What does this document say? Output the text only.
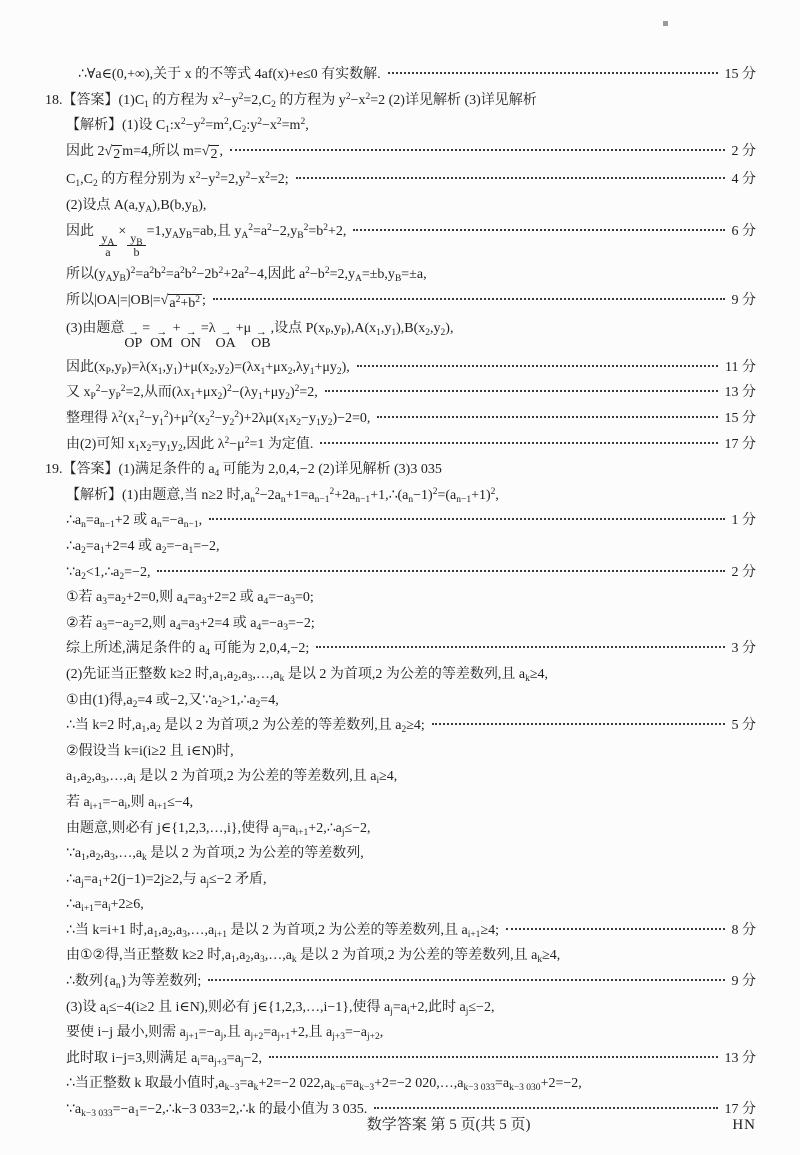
∴∀a∈(0,+∞),关于 x 的不等式 4af(x)+e≤0 有实数解.	15 分
18.【答案】$(1)C_1$ 的方程为 $x^2-y^2=2,C_2$ 的方程为 $y^2-x^2=2$ (2)详见解析 (3)详见解析
【解析】(1)设 $C_1:x^2-y^2=m^2,C_2:y^2-x^2=m^2$,
因此 2 √ 2 m=4,所以 m= √ 2 ,	2 分
$C_1,C_2$ 的方程分别为 $x^2-y^2=2,y^2-x^2=2$;	4 分
(2)设点 $A(a,y_A),B(b,y_B)$,
因此
$\frac{y_A}{a}$
×
$\frac{y_B}{b}$
$=1,y_Ay_B=ab$,且 $y_A^2=a^2-2,y_B^2=b^2+2$,	6 分
所以$(y_Ay_B)^2=a^2b^2=a^2b^2-2b^2+2a^2-4$,因此 $a^2-b^2=2,y_A=\pm b,y_B=\pm a$,
所以|OA|=|OB|= √ $a^2+b^2$ ;	9 分
(3)由题意 →
OP
= →
OM
+ →
ON
=λ →
OA
+μ →
OB
,设点 $P(x_P,y_P),A(x_1,y_1),B(x_2,y_2)$,
因此$(x_P,y_P)=\lambda(x_1,y_1)+\mu(x_2,y_2)=(\lambda x_1+\mu x_2,\lambda y_1+\mu y_2)$,	11 分
又 $x_P^2-y_P^2=2$,从而$(\lambda x_1+\mu x_2)^2-(\lambda y_1+\mu y_2)^2=2$,	13 分
整理得 $\lambda^2(x_1^2-y_1^2)+\mu^2(x_2^2-y_2^2)+2\lambda\mu(x_1x_2-y_1y_2)-2=0$,	15 分
由(2)可知 $x_1x_2=y_1y_2$,因此 $\lambda^2-\mu^2=1$ 为定值.	17 分
19.【答案】(1)满足条件的 $a_4$ 可能为 2,0,4,−2 (2)详见解析 (3)3 035
【解析】(1)由题意,当 n≥2 时$,a_n^2-2a_n+1=a_{n-1}^2+2a_{n-1}+1,\therefore(a_n-1)^2=(a_{n-1}+1)^2$,
$\therefore a_n=a_{n-1}+2$ 或 $a_n=-a_{n-1}$,	1 分
$\therefore a_2=a_1+2=4$ 或 $a_2=-a_1=-2$,
$\because a_2<1,\therefore a_2=-2$,	2 分
①若 $a_3=a_2+2=0$,则 $a_4=a_3+2=2$ 或 $a_4=-a_3=0$;
②若 $a_3=-a_2=2$,则 $a_4=a_3+2=4$ 或 $a_4=-a_3=-2$;
综上所述,满足条件的 $a_4$ 可能为 2,0,4,−2;	3 分
(2)先证当正整数 k≥2 时$,a_1,a_2,a_3,\dots,a_k$ 是以 2 为首项,2 为公差的等差数列,且 $a_k\ge 4$,
①由(1)得$,a_2=4$ 或−2,又$\because a_2>1,\therefore a_2=4$,
∴当 k=2 时$,a_1,a_2$ 是以 2 为首项,2 为公差的等差数列,且 $a_2\ge 4$;	5 分
②假设当 k=i(i≥2 且 i∈N)时,
$a_1,a_2,a_3,\dots,a_i$ 是以 2 为首项,2 为公差的等差数列,且 $a_i\ge 4$,
若 $a_{i+1}=-a_i$,则 $a_{i+1}\le-4$,
由题意,则必有 j∈{1,2,3,…,i},使得 $a_j=a_{i+1}+2,\therefore a_j\le-2$,
$\because a_1,a_2,a_3,\dots,a_k$ 是以 2 为首项,2 为公差的等差数列,
$\therefore a_j=a_1+2(j-1)=2j\ge 2$,与 $a_j\le-2$ 矛盾,
$\therefore a_{i+1}=a_i+2\ge 6$,
∴当 k=i+1 时$,a_1,a_2,a_3,\dots,a_{i+1}$ 是以 2 为首项,2 为公差的等差数列,且 $a_{i+1}\ge 4$;	8 分
由①②得,当正整数 k≥2 时$,a_1,a_2,a_3,\dots,a_k$ 是以 2 为首项,2 为公差的等差数列,且 $a_k\ge 4$,
∴数列$\{a_n\}$为等差数列;	9 分
(3)设 $a_i\le-4(i\ge 2$ 且 i∈N),则必有 j∈{1,2,3,…,i−1},使得 $a_j=a_i+2$,此时 $a_j\le-2$,
要使 i−j 最小,则需 $a_{j+1}=-a_j$,且 $a_{j+2}=a_{j+1}+2$,且 $a_{j+3}=-a_{j+2}$,
此时取 i−j=3,则满足 $a_i=a_{j+3}=a_j-2$,	13 分
∴当正整数 k 取最小值时$,a_{k-3}=a_k+2=-2$ $022,a_{k-6}=a_{k-3}+2=-2$ $020,\dots,a_{k-3 033}=a_{k-3 030}+2=-2$,
$\because a_{k-3 033}=-a_1=-2,\therefore k-3$ 033=2,∴k 的最小值为 3 035.	17 分
数学答案 第 5 页(共 5 页)	HN
